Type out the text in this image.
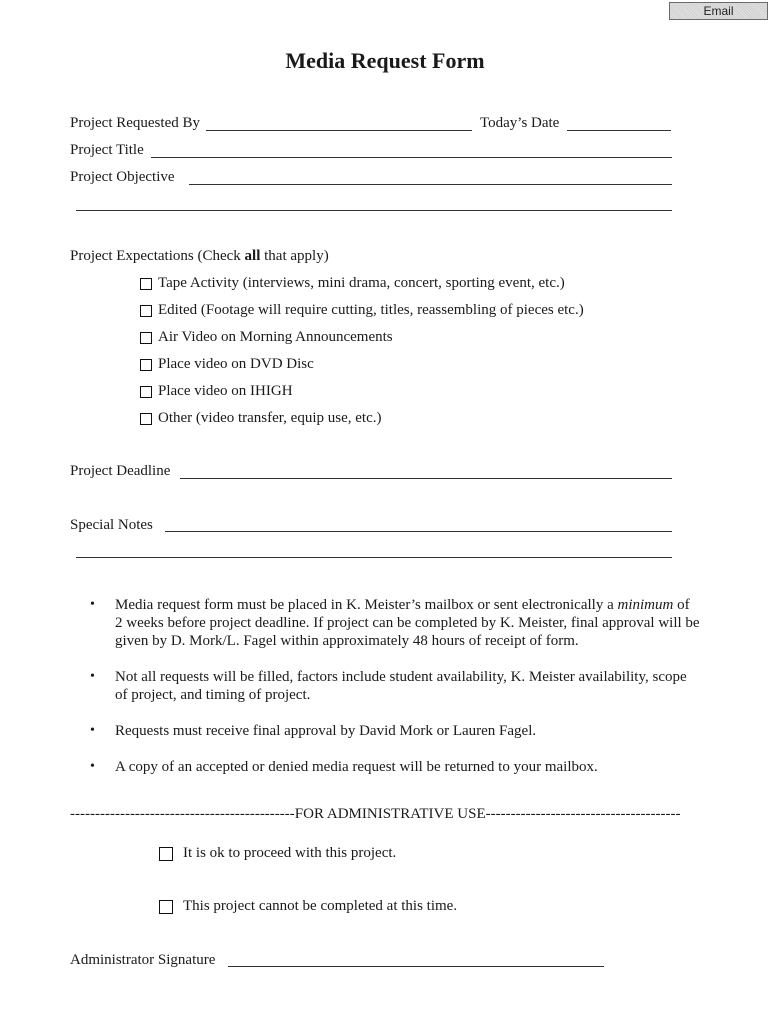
Email
Media Request Form
Project Requested By	Today’s Date
Project Title
Project Objective
Project Expectations (Check all that apply)
Tape Activity (interviews, mini drama, concert, sporting event, etc.)
Edited (Footage will require cutting, titles, reassembling of pieces etc.)
Air Video on Morning Announcements
Place video on DVD Disc
Place video on IHIGH
Other (video transfer, equip use, etc.)
Project Deadline
Special Notes
•	Media request form must be placed in K. Meister’s mailbox or sent electronically a minimum of 2 weeks before project deadline. If project can be completed by K. Meister, final approval will be given by D. Mork/L. Fagel within approximately 48 hours of receipt of form.
•	Not all requests will be filled, factors include student availability, K. Meister availability, scope of project, and timing of project.
•	Requests must receive final approval by David Mork or Lauren Fagel.
•	A copy of an accepted or denied media request will be returned to your mailbox.
---------------------------------------------FOR ADMINISTRATIVE USE---------------------------------------
It is ok to proceed with this project.
This project cannot be completed at this time.
Administrator Signature
